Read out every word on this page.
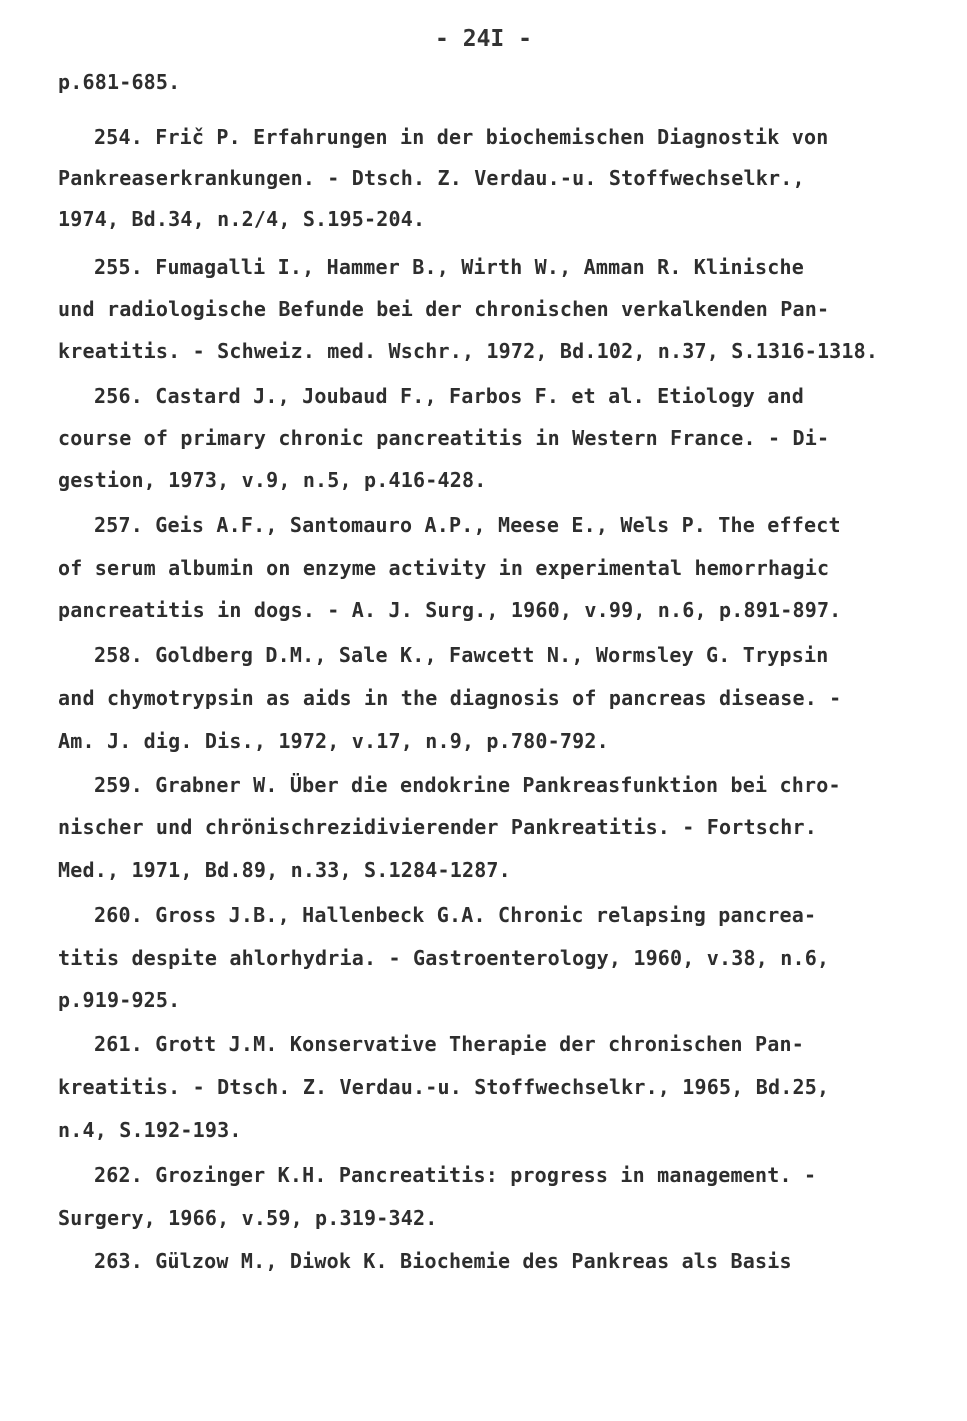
- 24I -
p.681-685.
254. Frič P. Erfahrungen in der biochemischen Diagnostik von
Pankreaserkrankungen. - Dtsch. Z. Verdau.-u. Stoffwechselkr.,
1974, Bd.34, n.2/4, S.195-204.
255. Fumagalli I., Hammer B., Wirth W., Amman R. Klinische
und radiologische Befunde bei der chronischen verkalkenden Pan-
kreatitis. - Schweiz. med. Wschr., 1972, Bd.102, n.37, S.1316-1318.
256. Castard J., Joubaud F., Farbos F. et al. Etiology and
course of primary chronic pancreatitis in Western France. - Di-
gestion, 1973, v.9, n.5, p.416-428.
257. Geis A.F., Santomauro A.P., Meese E., Wels P. The effect
of serum albumin on enzyme activity in experimental hemorrhagic
pancreatitis in dogs. - A. J. Surg., 1960, v.99, n.6, p.891-897.
258. Goldberg D.M., Sale K., Fawcett N., Wormsley G. Trypsin
and chymotrypsin as aids in the diagnosis of pancreas disease. -
Am. J. dig. Dis., 1972, v.17, n.9, p.780-792.
259. Grabner W. Über die endokrine Pankreasfunktion bei chro-
nischer und chrönischrezidivierender Pankreatitis. - Fortschr.
Med., 1971, Bd.89, n.33, S.1284-1287.
260. Gross J.B., Hallenbeck G.A. Chronic relapsing pancrea-
titis despite ahlorhydria. - Gastroenterology, 1960, v.38, n.6,
p.919-925.
261. Grott J.M. Konservative Therapie der chronischen Pan-
kreatitis. - Dtsch. Z. Verdau.-u. Stoffwechselkr., 1965, Bd.25,
n.4, S.192-193.
262. Grozinger K.H. Pancreatitis: progress in management. -
Surgery, 1966, v.59, p.319-342.
263. Gülzow M., Diwok K. Biochemie des Pankreas als Basis
